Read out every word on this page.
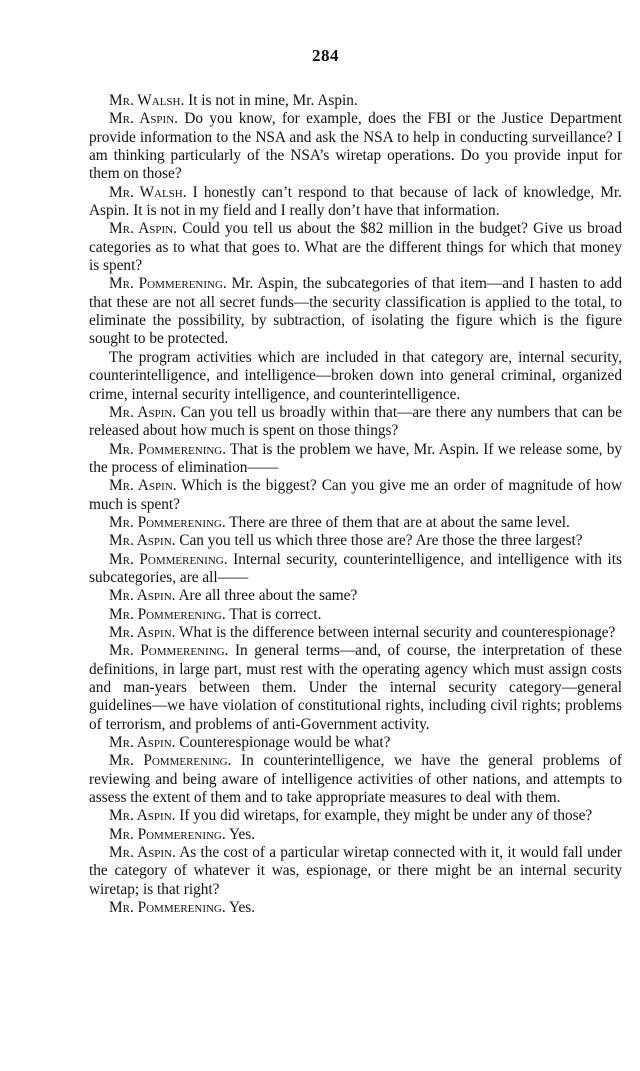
284

Mr. Walsh. It is not in mine, Mr. Aspin.

Mr. Aspin. Do you know, for example, does the FBI or the Justice Department provide information to the NSA and ask the NSA to help in conducting surveillance? I am thinking particularly of the NSA’s wiretap operations. Do you provide input for them on those?

Mr. Walsh. I honestly can’t respond to that because of lack of knowledge, Mr. Aspin. It is not in my field and I really don’t have that information.

Mr. Aspin. Could you tell us about the $82 million in the budget? Give us broad categories as to what that goes to. What are the different things for which that money is spent?

Mr. Pommerening. Mr. Aspin, the subcategories of that item—and I hasten to add that these are not all secret funds—the security classification is applied to the total, to eliminate the possibility, by subtraction, of isolating the figure which is the figure sought to be protected.

The program activities which are included in that category are, internal security, counterintelligence, and intelligence—broken down into general criminal, organized crime, internal security intelligence, and counterintelligence.

Mr. Aspin. Can you tell us broadly within that—are there any numbers that can be released about how much is spent on those things?

Mr. Pommerening. That is the problem we have, Mr. Aspin. If we release some, by the process of elimination——

Mr. Aspin. Which is the biggest? Can you give me an order of magnitude of how much is spent?

Mr. Pommerening. There are three of them that are at about the same level.

Mr. Aspin. Can you tell us which three those are? Are those the three largest?

Mr. Pommerening. Internal security, counterintelligence, and intelligence with its subcategories, are all——

Mr. Aspin. Are all three about the same?

Mr. Pommerening. That is correct.

Mr. Aspin. What is the difference between internal security and counterespionage?

Mr. Pommerening. In general terms—and, of course, the interpretation of these definitions, in large part, must rest with the operating agency which must assign costs and man-years between them. Under the internal security category—general guidelines—we have violation of constitutional rights, including civil rights; problems of terrorism, and problems of anti-Government activity.

Mr. Aspin. Counterespionage would be what?

Mr. Pommerening. In counterintelligence, we have the general problems of reviewing and being aware of intelligence activities of other nations, and attempts to assess the extent of them and to take appropriate measures to deal with them.

Mr. Aspin. If you did wiretaps, for example, they might be under any of those?

Mr. Pommerening. Yes.

Mr. Aspin. As the cost of a particular wiretap connected with it, it would fall under the category of whatever it was, espionage, or there might be an internal security wiretap; is that right?

Mr. Pommerening. Yes.
